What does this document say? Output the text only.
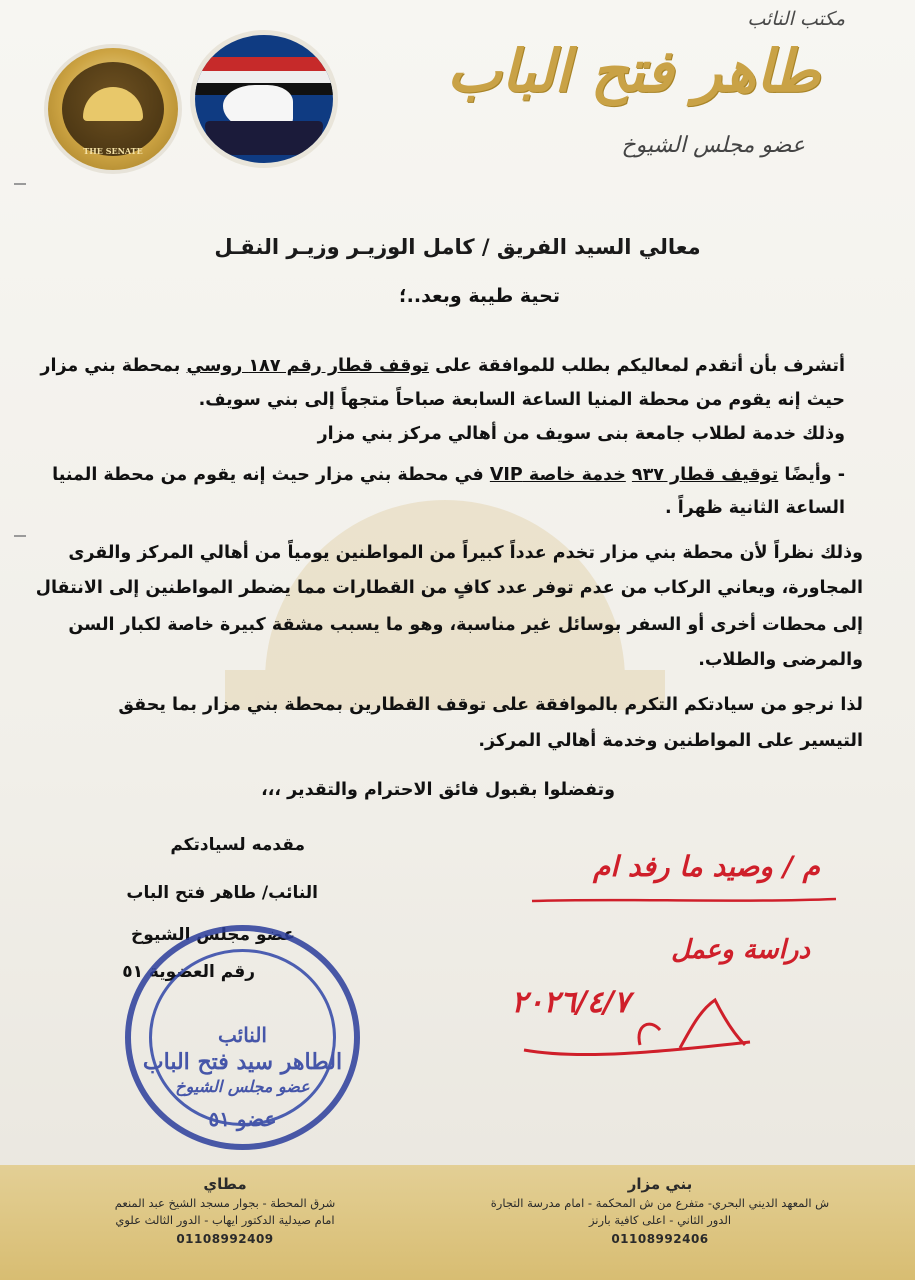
مكتب النائب
طاهر فتح الباب
عضو مجلس الشيوخ
THE SENATE
معالي السيد الفريق / كامل الوزيـر وزيـر النقـل
تحية طيبة وبعد..؛
أتشرف بأن أتقدم لمعاليكم بطلب للموافقة على توقف قطار رقم ١٨٧ روسي بمحطة بني مزار
حيث إنه يقوم من محطة المنيا الساعة السابعة صباحاً متجهاً إلى بني سويف.
وذلك خدمة لطلاب جامعة بنى سويف من أهالي مركز بني مزار
- وأيضًا توقيف قطار ٩٣٧ خدمة خاصة VIP في محطة بني مزار حيث إنه يقوم من محطة المنيا
الساعة الثانية ظهراً .
وذلك نظراً لأن محطة بني مزار تخدم عدداً كبيراً من المواطنين يومياً من أهالي المركز والقرى
المجاورة، ويعاني الركاب من عدم توفر عدد كافٍ من القطارات مما يضطر المواطنين إلى الانتقال
إلى محطات أخرى أو السفر بوسائل غير مناسبة، وهو ما يسبب مشقة كبيرة خاصة لكبار السن
والمرضى والطلاب.
لذا نرجو من سيادتكم التكرم بالموافقة على توقف القطارين بمحطة بني مزار بما يحقق
التيسير على المواطنين وخدمة أهالي المركز.
وتفضلوا بقبول فائق الاحترام والتقدير ،،،
مقدمه لسيادتكم
النائب/ طاهر فتح الباب
عضو مجلس الشيوخ
رقم العضوية ٥١
النائب
الطاهر سيد فتح الباب
عضو مجلس الشيوخ
عضو ٥١
م / وصيد ما رفد ام
دراسة وعمل
٢٠٢٦/٤/٧
بني مزار
ش المعهد الديني البحري- متفرع من ش المحكمة - امام مدرسة التجارة
الدور الثاني - اعلى كافية بارنز
01108992406
مطاي
شرق المحطة - بجوار مسجد الشيخ عبد المنعم
امام صيدلية الدكتور ايهاب - الدور الثالث علوي
01108992409
